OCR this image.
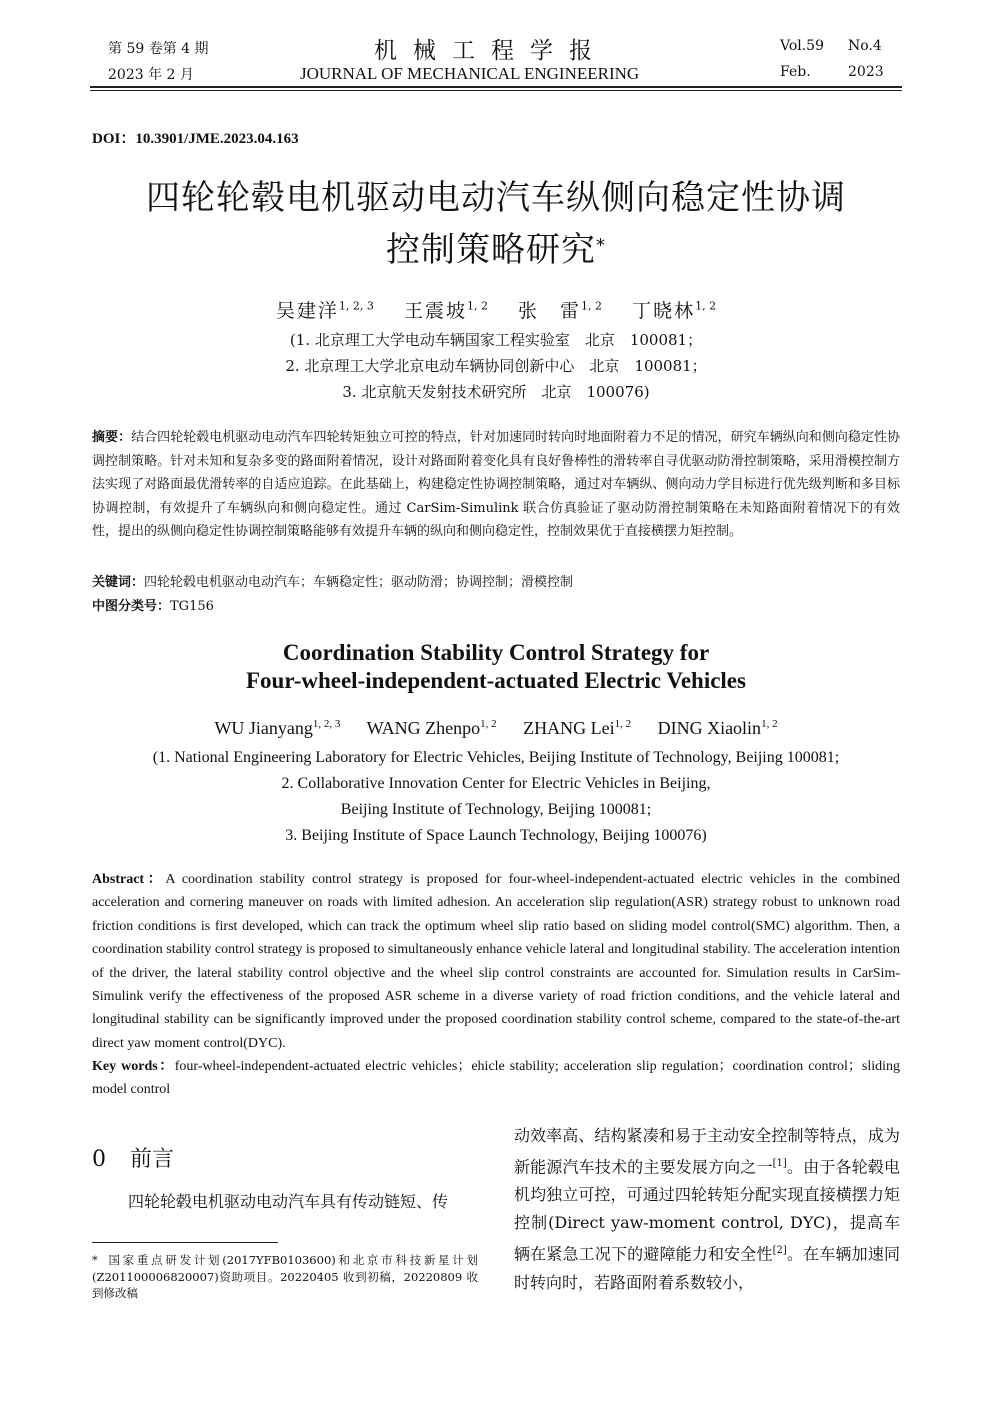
第 59 卷第 4 期
2023 年 2 月
机械工程学报
JOURNAL OF MECHANICAL ENGINEERING
Vol.59 No.4
Feb.	2023
DOI：10.3901/JME.2023.04.163
四轮轮毂电机驱动电动汽车纵侧向稳定性协调
控制策略研究*
吴建洋$^{1, 2, 3}$ 王震坡$^{1, 2}$ 张　雷$^{1, 2}$ 丁晓林$^{1, 2}$
(1. 北京理工大学电动车辆国家工程实验室　北京　100081；
2. 北京理工大学北京电动车辆协同创新中心　北京　100081；
3. 北京航天发射技术研究所　北京　100076)
摘要：结合四轮轮毂电机驱动电动汽车四轮转矩独立可控的特点，针对加速同时转向时地面附着力不足的情况，研究车辆纵向和侧向稳定性协调控制策略。针对未知和复杂多变的路面附着情况，设计对路面附着变化具有良好鲁棒性的滑转率自寻优驱动防滑控制策略，采用滑模控制方法实现了对路面最优滑转率的自适应追踪。在此基础上，构建稳定性协调控制策略，通过对车辆纵、侧向动力学目标进行优先级判断和多目标协调控制，有效提升了车辆纵向和侧向稳定性。通过 CarSim-Simulink 联合仿真验证了驱动防滑控制策略在未知路面附着情况下的有效性，提出的纵侧向稳定性协调控制策略能够有效提升车辆的纵向和侧向稳定性，控制效果优于直接横摆力矩控制。
关键词：四轮轮毂电机驱动电动汽车；车辆稳定性；驱动防滑；协调控制；滑模控制
中图分类号：TG156
Coordination Stability Control Strategy for
Four-wheel-independent-actuated Electric Vehicles
WU Jianyang$^{1, 2, 3}$ WANG Zhenpo$^{1, 2}$ ZHANG Lei$^{1, 2}$ DING Xiaolin$^{1, 2}$
(1. National Engineering Laboratory for Electric Vehicles, Beijing Institute of Technology, Beijing 100081;
2. Collaborative Innovation Center for Electric Vehicles in Beijing,
Beijing Institute of Technology, Beijing 100081;
3. Beijing Institute of Space Launch Technology, Beijing 100076)
Abstract：A coordination stability control strategy is proposed for four-wheel-independent-actuated electric vehicles in the combined acceleration and cornering maneuver on roads with limited adhesion. An acceleration slip regulation(ASR) strategy robust to unknown road friction conditions is first developed, which can track the optimum wheel slip ratio based on sliding model control(SMC) algorithm. Then, a coordination stability control strategy is proposed to simultaneously enhance vehicle lateral and longitudinal stability. The acceleration intention of the driver, the lateral stability control objective and the wheel slip control constraints are accounted for. Simulation results in CarSim-Simulink verify the effectiveness of the proposed ASR scheme in a diverse variety of road friction conditions, and the vehicle lateral and longitudinal stability can be significantly improved under the proposed coordination stability control scheme, compared to the state-of-the-art direct yaw moment control(DYC).
Key words：four-wheel-independent-actuated electric vehicles；ehicle stability; acceleration slip regulation；coordination control；sliding model control
0 前言
四轮轮毂电机驱动电动汽车具有传动链短、传
* 国家重点研发计划(2017YFB0103600)和北京市科技新星计划(Z201100006820007)资助项目。20220405 收到初稿，20220809 收到修改稿
动效率高、结构紧凑和易于主动安全控制等特点，成为新能源汽车技术的主要发展方向之一[1]。由于各轮毂电机均独立可控，可通过四轮转矩分配实现直接横摆力矩控制(Direct yaw-moment control, DYC)，提高车辆在紧急工况下的避障能力和安全性[2]。在车辆加速同时转向时，若路面附着系数较小，
